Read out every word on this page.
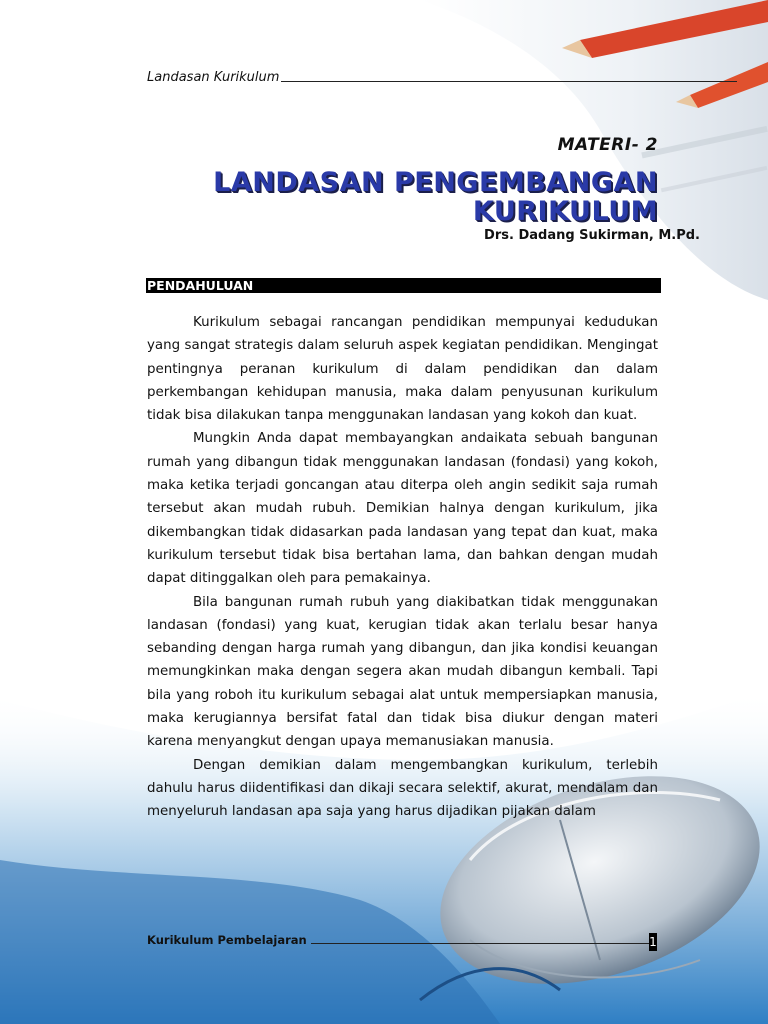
Landasan Kurikulum
MATERI- 2
LANDASAN PENGEMBANGAN
KURIKULUM
Drs. Dadang Sukirman, M.Pd.
PENDAHULUAN

Kurikulum sebagai rancangan pendidikan mempunyai kedudukan yang sangat strategis dalam seluruh aspek kegiatan pendidikan. Mengingat pentingnya peranan kurikulum di dalam pendidikan dan dalam perkembangan kehidupan manusia, maka dalam penyusunan kurikulum tidak bisa dilakukan tanpa menggunakan landasan yang kokoh dan kuat.

Mungkin Anda dapat membayangkan andaikata sebuah bangunan rumah yang dibangun tidak menggunakan landasan (fondasi) yang kokoh, maka ketika terjadi goncangan atau diterpa oleh angin sedikit saja rumah tersebut akan mudah rubuh. Demikian halnya dengan kurikulum, jika dikembangkan tidak didasarkan pada landasan yang tepat dan kuat, maka kurikulum tersebut tidak bisa bertahan lama, dan bahkan dengan mudah dapat ditinggalkan oleh para pemakainya.

Bila bangunan rumah rubuh yang diakibatkan tidak menggunakan landasan (fondasi) yang kuat, kerugian tidak akan terlalu besar hanya sebanding dengan harga rumah yang dibangun, dan jika kondisi keuangan memungkinkan maka dengan segera akan mudah dibangun kembali. Tapi bila yang roboh itu kurikulum sebagai alat untuk mempersiapkan manusia, maka kerugiannya bersifat fatal dan tidak bisa diukur dengan materi karena menyangkut dengan upaya memanusiakan manusia.

Dengan demikian dalam mengembangkan kurikulum, terlebih dahulu harus diidentifikasi dan dikaji secara selektif, akurat, mendalam dan menyeluruh landasan apa saja yang harus dijadikan pijakan dalam

Kurikulum Pembelajaran	1
